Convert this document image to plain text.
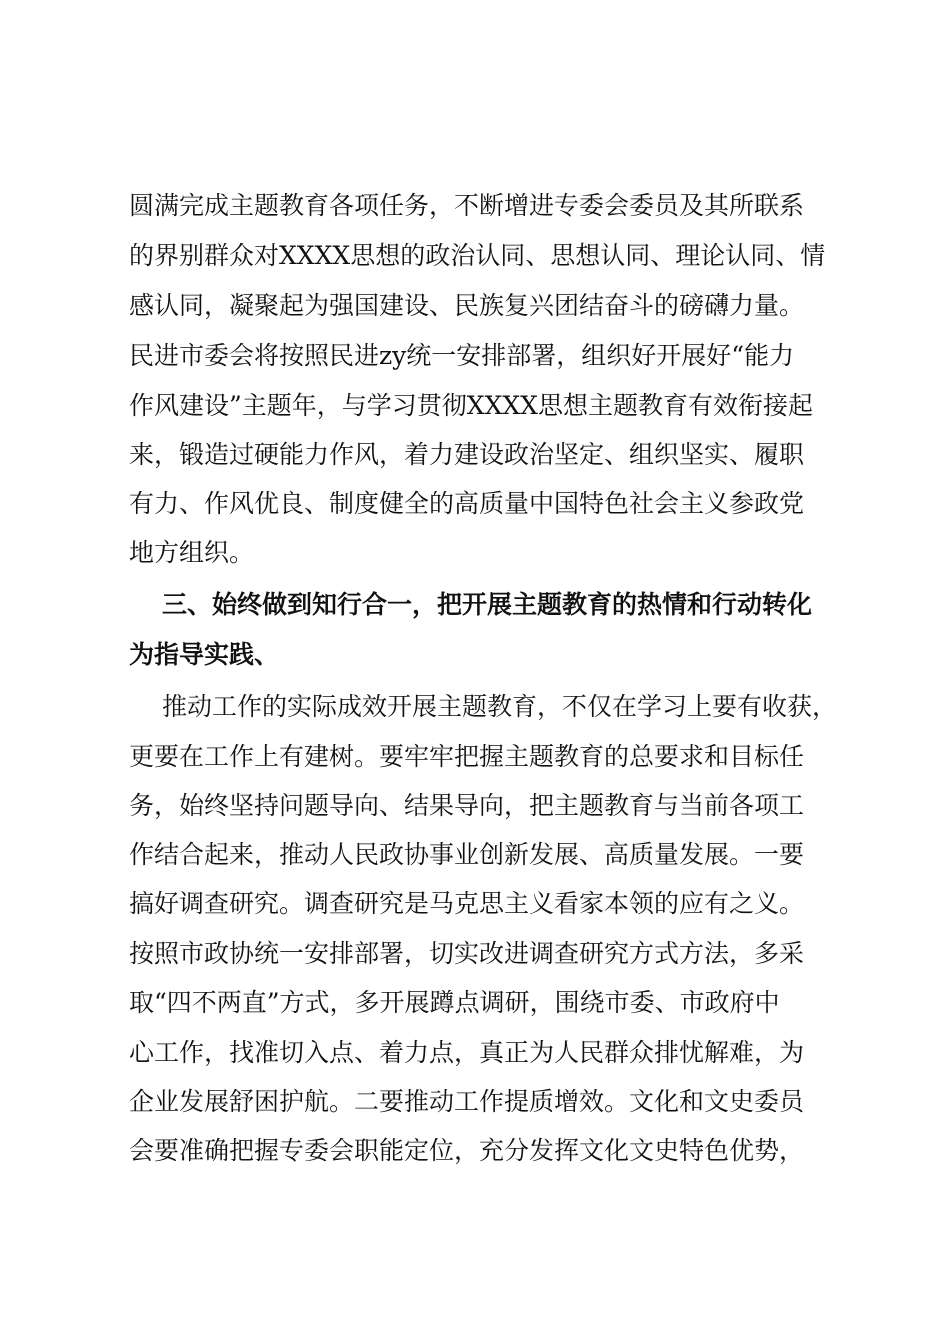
圆满完成主题教育各项任务，不断增进专委会委员及其所联系
的界别群众对XXXX思想的政治认同、思想认同、理论认同、情
感认同，凝聚起为强国建设、民族复兴团结奋斗的磅礴力量。
民进市委会将按照民进zy统一安排部署，组织好开展好“能力
作风建设”主题年，与学习贯彻XXXX思想主题教育有效衔接起
来，锻造过硬能力作风，着力建设政治坚定、组织坚实、履职
有力、作风优良、制度健全的高质量中国特色社会主义参政党
地方组织。
三、始终做到知行合一，把开展主题教育的热情和行动转化
为指导实践、
推动工作的实际成效开展主题教育，不仅在学习上要有收获，
更要在工作上有建树。要牢牢把握主题教育的总要求和目标任
务，始终坚持问题导向、结果导向，把主题教育与当前各项工
作结合起来，推动人民政协事业创新发展、高质量发展。一要
搞好调查研究。调查研究是马克思主义看家本领的应有之义。
按照市政协统一安排部署，切实改进调查研究方式方法，多采
取“四不两直”方式，多开展蹲点调研，围绕市委、市政府中
心工作，找准切入点、着力点，真正为人民群众排忧解难，为
企业发展舒困护航。二要推动工作提质增效。文化和文史委员
会要准确把握专委会职能定位，充分发挥文化文史特色优势，
